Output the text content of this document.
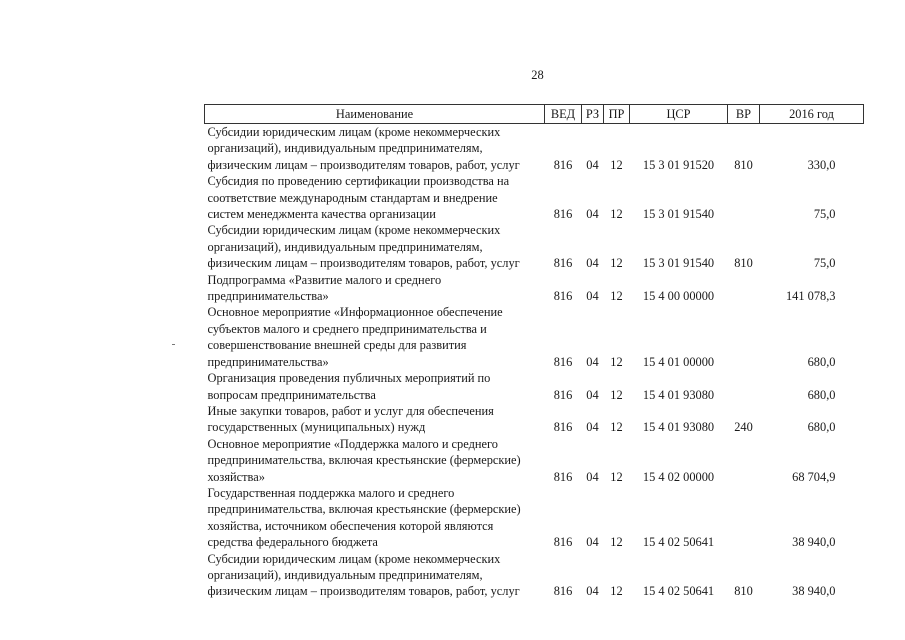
28
Наименование	ВЕД	РЗ	ПР	ЦСР	ВР	2016 год

Субсидии юридическим лицам (кроме некоммерческих
организаций), индивидуальным предпринимателям,
физическим лицам – производителям товаров, работ, услуг	816	04	12	15 3 01 91520	810	330,0

Субсидия по проведению сертификации производства на
соответствие международным стандартам и внедрение
систем менеджмента качества организации	816	04	12	15 3 01 91540		75,0

Субсидии юридическим лицам (кроме некоммерческих
организаций), индивидуальным предпринимателям,
физическим лицам – производителям товаров, работ, услуг	816	04	12	15 3 01 91540	810	75,0

Подпрограмма «Развитие малого и среднего
предпринимательства»	816	04	12	15 4 00 00000		141 078,3

Основное мероприятие «Информационное обеспечение
субъектов малого и среднего предпринимательства и
совершенствование внешней среды для развития
предпринимательства»	816	04	12	15 4 01 00000		680,0

Организация проведения публичных мероприятий по
вопросам предпринимательства	816	04	12	15 4 01 93080		680,0

Иные закупки товаров, работ и услуг для обеспечения
государственных (муниципальных) нужд	816	04	12	15 4 01 93080	240	680,0

Основное мероприятие «Поддержка малого и среднего
предпринимательства, включая крестьянские (фермерские)
хозяйства»	816	04	12	15 4 02 00000		68 704,9

Государственная поддержка малого и среднего
предпринимательства, включая крестьянские (фермерские)
хозяйства, источником обеспечения которой являются
средства федерального бюджета	816	04	12	15 4 02 50641		38 940,0

Субсидии юридическим лицам (кроме некоммерческих
организаций), индивидуальным предпринимателям,
физическим лицам – производителям товаров, работ, услуг	816	04	12	15 4 02 50641	810	38 940,0
